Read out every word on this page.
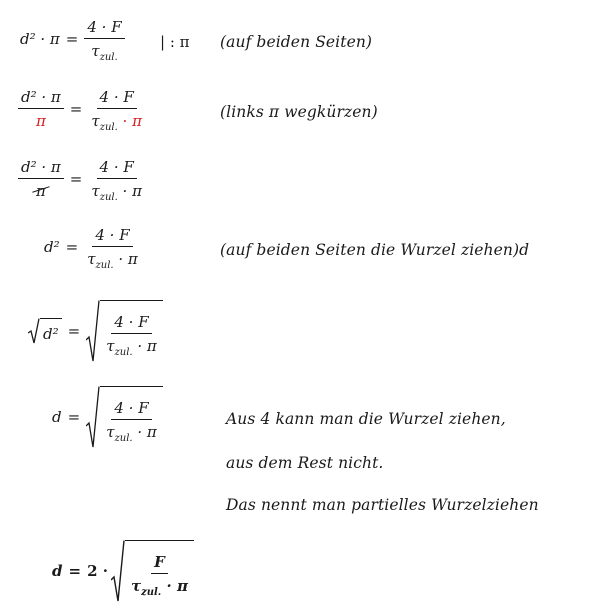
$d^2 \cdot \pi = \frac{4 \cdot F}{\tau_{zul.}}$ | : π (auf beiden Seiten)
$\frac{\text{d² · π}}{\pi} = \frac{4 \cdot F}{\tau_{zul.} \cdot \pi}$	(links π wegkürzen)
$\frac{\text{d² · π}}{\pi} = \frac{4 \cdot F}{\tau_{zul.} \cdot \pi}$
$d^2 = \frac{4 \cdot F}{\tau_{zul.} \cdot \pi}$	(auf beiden Seiten die Wurzel ziehen)d
$d^2 = \frac{4 \cdot F}{\tau_{zul.} \cdot \pi}$
$d = \frac{4 \cdot F}{\tau_{zul.} \cdot \pi}$	Aus 4 kann man die Wurzel ziehen,
aus dem Rest nicht.
Das nennt man partielles Wurzelziehen
$d = 2 \cdot \frac{F}{\tau_{zul.} \cdot \pi}$
